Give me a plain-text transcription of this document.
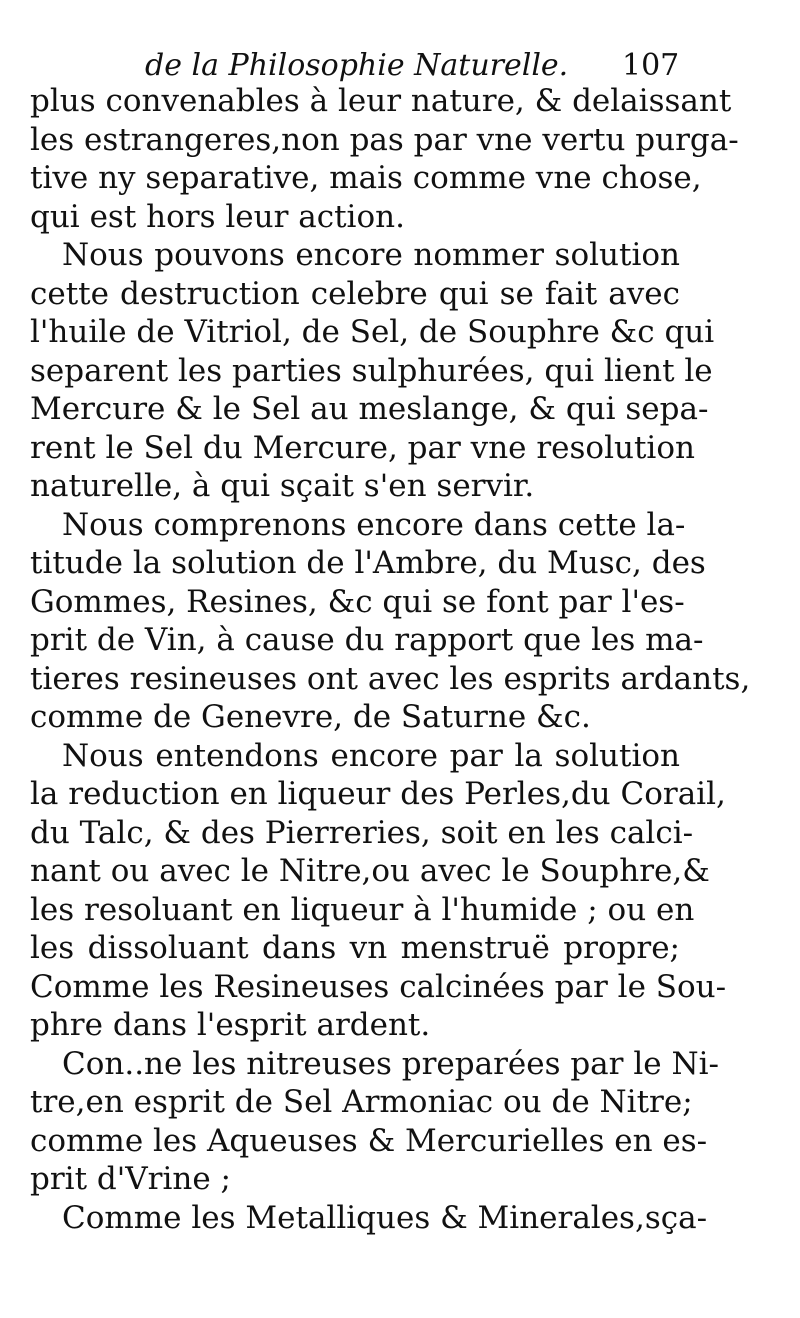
de la Philosophie Naturelle. 107
plus convenables à leur nature, & delaissant
les estrangeres,non pas par vne vertu purga-
tive ny separative, mais comme vne chose,
qui est hors leur action.
Nous pouvons encore nommer solution
cette destruction celebre qui se fait avec
l'huile de Vitriol, de Sel, de Souphre &c qui
separent les parties sulphurées, qui lient le
Mercure & le Sel au meslange, & qui sepa-
rent le Sel du Mercure, par vne resolution
naturelle, à qui sçait s'en servir.
Nous comprenons encore dans cette la-
titude la solution de l'Ambre, du Musc, des
Gommes, Resines, &c qui se font par l'es-
prit de Vin, à cause du rapport que les ma-
tieres resineuses ont avec les esprits ardants,
comme de Genevre, de Saturne &c.
Nous entendons encore par la solution
la reduction en liqueur des Perles,du Corail,
du Talc, & des Pierreries, soit en les calci-
nant ou avec le Nitre,ou avec le Souphre,&
les resoluant en liqueur à l'humide ; ou en
les dissoluant dans vn menstruë propre;
Comme les Resineuses calcinées par le Sou-
phre dans l'esprit ardent.
Con..ne les nitreuses preparées par le Ni-
tre,en esprit de Sel Armoniac ou de Nitre;
comme les Aqueuses & Mercurielles en es-
prit d'Vrine ;
Comme les Metalliques & Minerales,sça-
